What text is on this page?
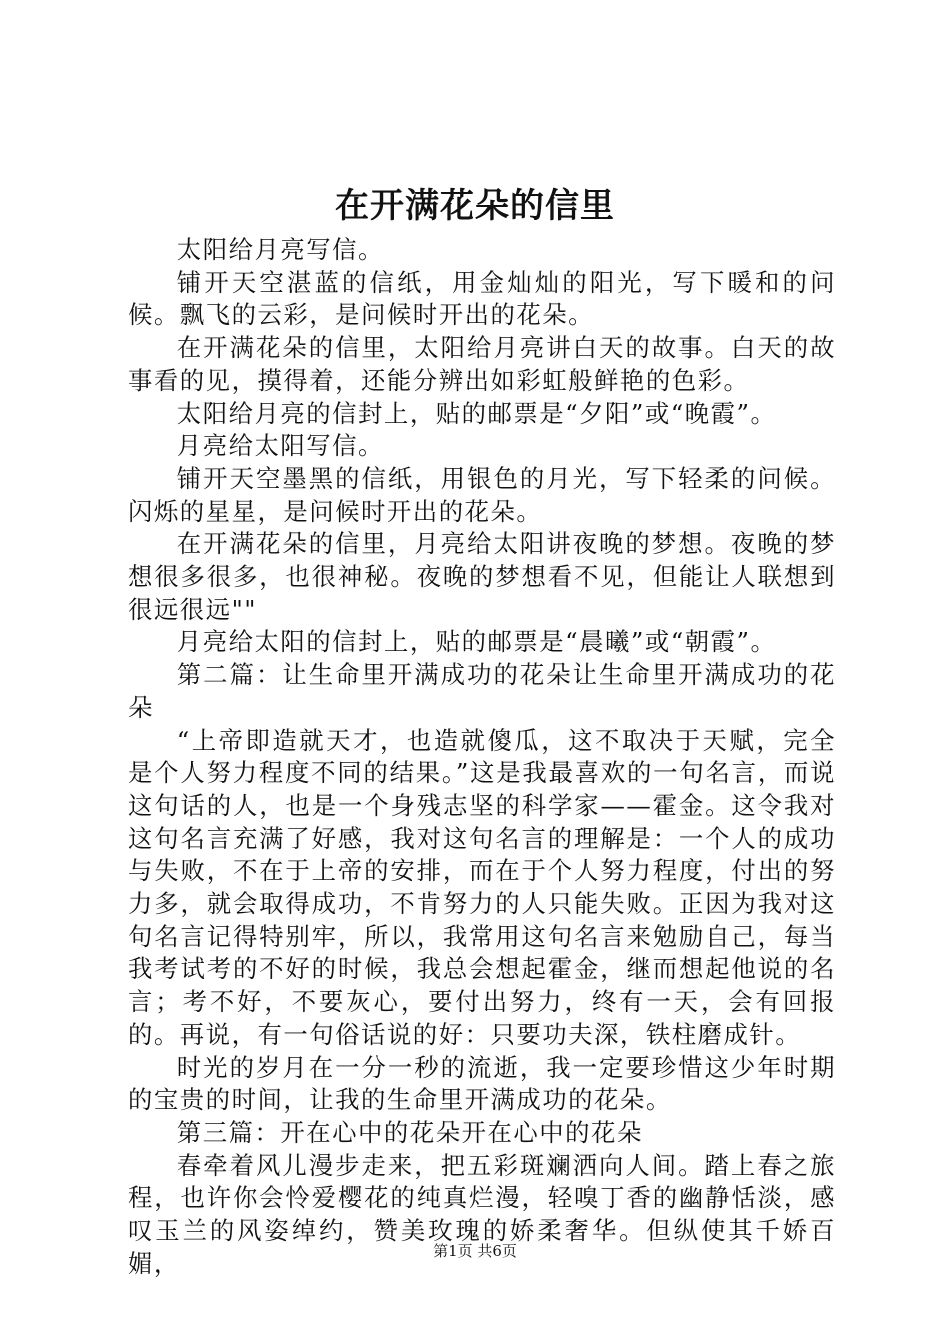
在开满花朵的信里

太阳给月亮写信。

铺开天空湛蓝的信纸，用金灿灿的阳光，写下暖和的问候。飘飞的云彩，是问候时开出的花朵。

在开满花朵的信里，太阳给月亮讲白天的故事。白天的故事看的见，摸得着，还能分辨出如彩虹般鲜艳的色彩。

太阳给月亮的信封上，贴的邮票是“夕阳”或“晚霞”。

月亮给太阳写信。

铺开天空墨黑的信纸，用银色的月光，写下轻柔的问候。闪烁的星星，是问候时开出的花朵。

在开满花朵的信里，月亮给太阳讲夜晚的梦想。夜晚的梦想很多很多，也很神秘。夜晚的梦想看不见，但能让人联想到很远很远""

月亮给太阳的信封上，贴的邮票是“晨曦”或“朝霞”。

第二篇：让生命里开满成功的花朵让生命里开满成功的花朵

“上帝即造就天才，也造就傻瓜，这不取决于天赋，完全是个人努力程度不同的结果。”这是我最喜欢的一句名言，而说这句话的人，也是一个身残志坚的科学家——霍金。这令我对这句名言充满了好感，我对这句名言的理解是：一个人的成功与失败，不在于上帝的安排，而在于个人努力程度，付出的努力多，就会取得成功，不肯努力的人只能失败。正因为我对这句名言记得特别牢，所以，我常用这句名言来勉励自己，每当我考试考的不好的时候，我总会想起霍金，继而想起他说的名言；考不好，不要灰心，要付出努力，终有一天，会有回报的。再说，有一句俗话说的好：只要功夫深，铁柱磨成针。

时光的岁月在一分一秒的流逝，我一定要珍惜这少年时期的宝贵的时间，让我的生命里开满成功的花朵。

第三篇：开在心中的花朵开在心中的花朵

春牵着风儿漫步走来，把五彩斑斓洒向人间。踏上春之旅程，也许你会怜爱樱花的纯真烂漫，轻嗅丁香的幽静恬淡，感叹玉兰的风姿绰约，赞美玫瑰的娇柔奢华。但纵使其千娇百媚，	第1页 共6页
